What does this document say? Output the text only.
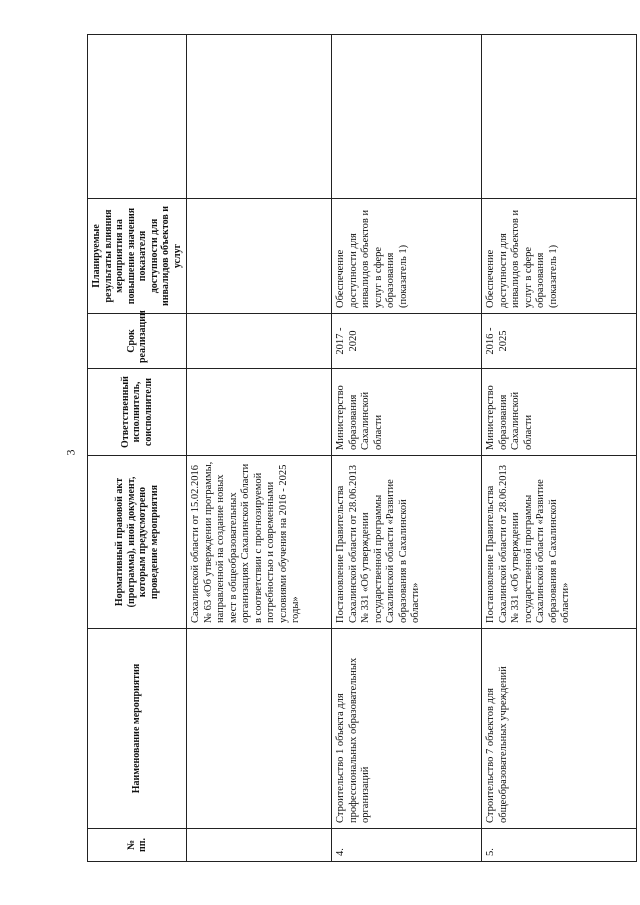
3
№ пп.	Наименование мероприятия	Нормативный правовой акт (программа), иной документ, которым предусмотрено проведение мероприятия	Ответственный исполнитель, соисполнители	Срок реализации	Планируемые результаты влияния мероприятия на повышение значения показателя доступности для инвалидов объектов и услуг	
		Сахалинской области от 15.02.2016 № 63 «Об утверждении программы, направленной на создание новых мест в общеобразовательных организациях Сахалинской области в соответствии с прогнозируемой потребностью и современными условиями обучения на 2016 - 2025 годы»				
4.	Строительство 1 объекта для профессиональных образовательных организаций	Постановление Правительства Сахалинской области от 28.06.2013 № 331 «Об утверждении государственной программы Сахалинской области «Развитие образования в Сахалинской области»	Министерство образования Сахалинской области	2017 - 2020	Обеспечение доступности для инвалидов объектов и услуг в сфере образования (показатель 1)	
5.	Строительство 7 объектов для общеобразовательных учреждений	Постановление Правительства Сахалинской области от 28.06.2013 № 331 «Об утверждении государственной программы Сахалинской области «Развитие образования в Сахалинской области»	Министерство образования Сахалинской области	2016 - 2025	Обеспечение доступности для инвалидов объектов и услуг в сфере образования (показатель 1)	
